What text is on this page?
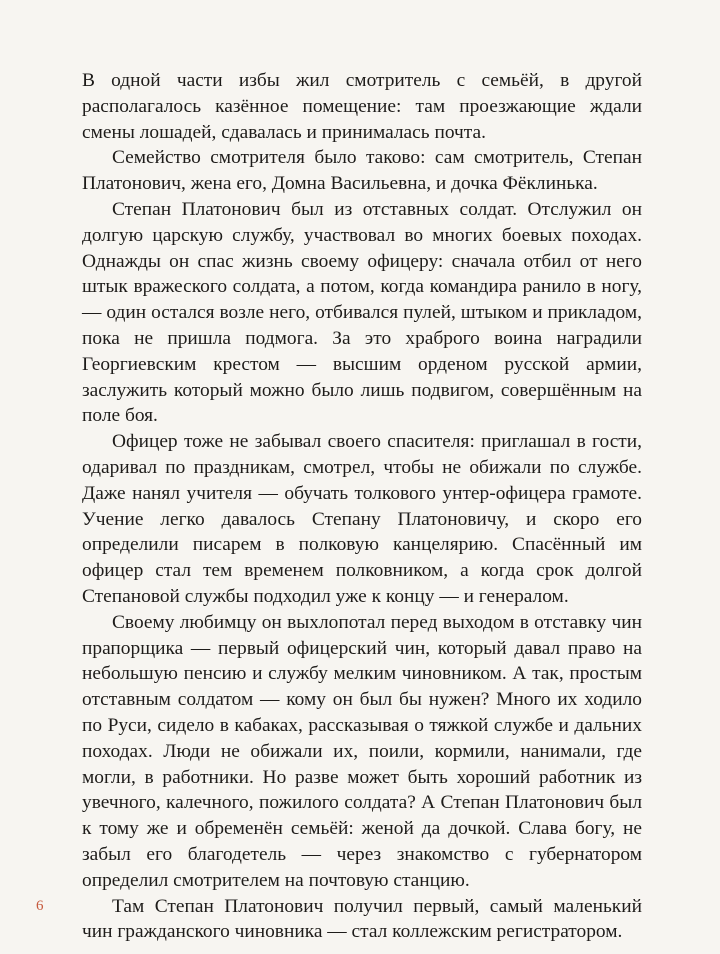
В одной части избы жил смотритель с семьёй, в другой располагалось казённое помещение: там проезжающие ждали смены лошадей, сдавалась и принималась почта.

Семейство смотрителя было таково: сам смотритель, Степан Платонович, жена его, Домна Васильевна, и дочка Фёклинька.

Степан Платонович был из отставных солдат. Отслужил он долгую царскую службу, участвовал во многих боевых походах. Однажды он спас жизнь своему офицеру: сначала отбил от него штык вражеского солдата, а потом, когда командира ранило в ногу, — один остался возле него, отбивался пулей, штыком и прикладом, пока не пришла подмога. За это храброго воина наградили Георгиевским крестом — высшим орденом русской армии, заслужить который можно было лишь подвигом, совершённым на поле боя.

Офицер тоже не забывал своего спасителя: приглашал в гости, одаривал по праздникам, смотрел, чтобы не обижали по службе. Даже нанял учителя — обучать толкового унтер-офицера грамоте. Учение легко давалось Степану Платоновичу, и скоро его определили писарем в полковую канцелярию. Спасённый им офицер стал тем временем полковником, а когда срок долгой Степановой службы подходил уже к концу — и генералом.

Своему любимцу он выхлопотал перед выходом в отставку чин прапорщика — первый офицерский чин, который давал право на небольшую пенсию и службу мелким чиновником. А так, простым отставным солдатом — кому он был бы нужен? Много их ходило по Руси, сидело в кабаках, рассказывая о тяжкой службе и дальних походах. Люди не обижали их, поили, кормили, нанимали, где могли, в работники. Но разве может быть хороший работник из увечного, калечного, пожилого солдата? А Степан Платонович был к тому же и обременён семьёй: женой да дочкой. Слава богу, не забыл его благодетель — через знакомство с губернатором определил смотрителем на почтовую станцию.

Там Степан Платонович получил первый, самый маленький чин гражданского чиновника — стал коллежским регистратором.

6
